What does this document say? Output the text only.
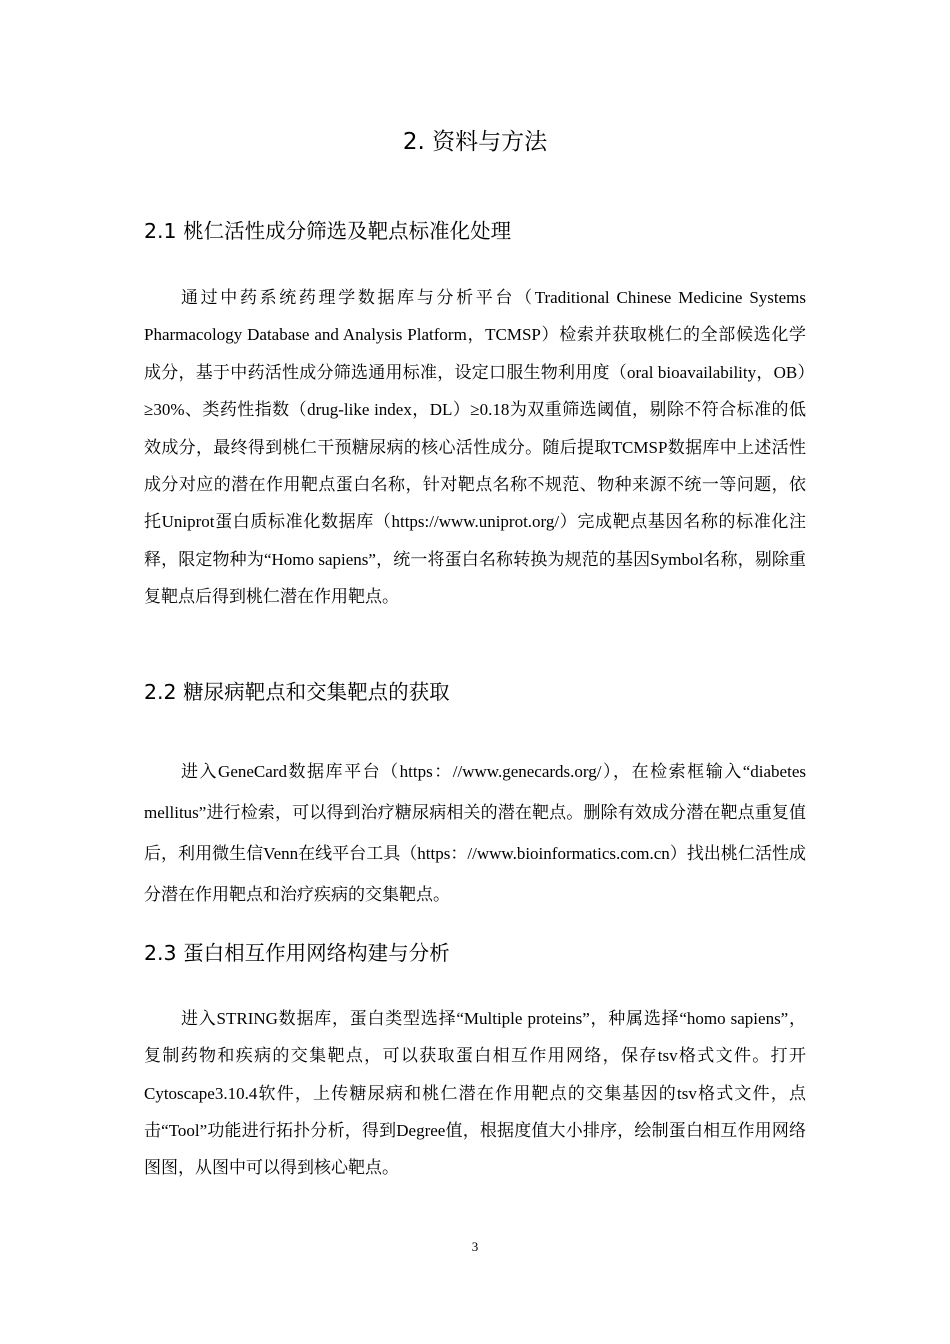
2. 资料与方法
2.1 桃仁活性成分筛选及靶点标准化处理

通过中药系统药理学数据库与分析平台（Traditional Chinese Medicine Systems Pharmacology Database and Analysis Platform，TCMSP）检索并获取桃仁的全部候选化学成分，基于中药活性成分筛选通用标准，设定口服生物利用度（oral bioavailability，OB）≥30%、类药性指数（drug-like index，DL）≥0.18为双重筛选阈值，剔除不符合标准的低效成分，最终得到桃仁干预糖尿病的核心活性成分。随后提取TCMSP数据库中上述活性成分对应的潜在作用靶点蛋白名称，针对靶点名称不规范、物种来源不统一等问题，依托Uniprot蛋白质标准化数据库（https://www.uniprot.org/）完成靶点基因名称的标准化注释，限定物种为“Homo sapiens”，统一将蛋白名称转换为规范的基因Symbol名称，剔除重复靶点后得到桃仁潜在作用靶点。

2.2 糖尿病靶点和交集靶点的获取

进入GeneCard数据库平台（https：//www.genecards.org/），在检索框输入“diabetes mellitus”进行检索，可以得到治疗糖尿病相关的潜在靶点。删除有效成分潜在靶点重复值后，利用微生信Venn在线平台工具（https：//www.bioinformatics.com.cn）找出桃仁活性成分潜在作用靶点和治疗疾病的交集靶点。

2.3 蛋白相互作用网络构建与分析

进入STRING数据库，蛋白类型选择“Multiple proteins”，种属选择“homo sapiens”，复制药物和疾病的交集靶点，可以获取蛋白相互作用网络，保存tsv格式文件。打开Cytoscape3.10.4软件，上传糖尿病和桃仁潜在作用靶点的交集基因的tsv格式文件，点击“Tool”功能进行拓扑分析，得到Degree值，根据度值大小排序，绘制蛋白相互作用网络图图，从图中可以得到核心靶点。

3
